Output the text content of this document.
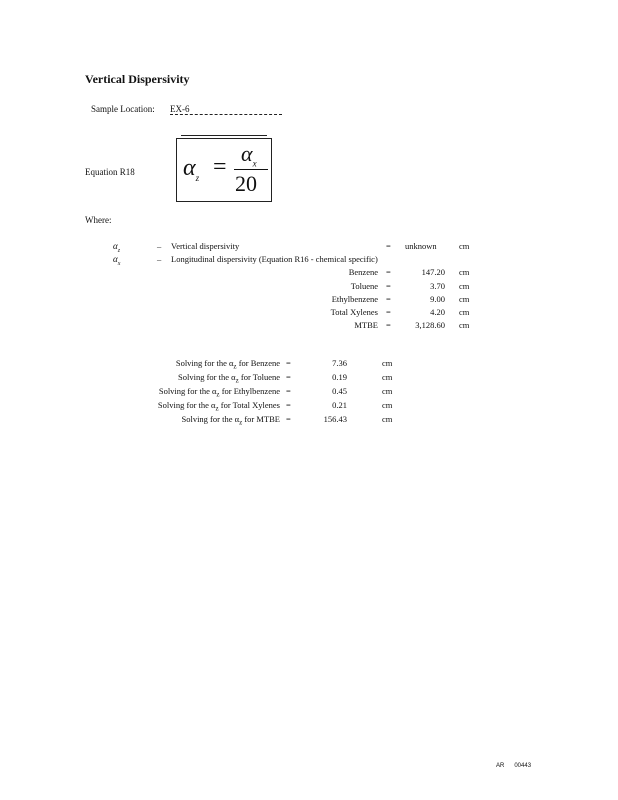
Vertical Dispersivity
Sample Location: EX-6
Equation R18 $\alpha_z$ =
$\alpha_x$
20
Where:
$\alpha_z$	– Vertical dispersivity	= unknown	cm
$\alpha_x$	– Longitudinal dispersivity (Equation R16 - chemical specific)
Benzene =	147.20 cm
Toluene =	3.70 cm
Ethylbenzene =	9.00 cm
Total Xylenes =	4.20 cm
MTBE =	3,128.60 cm
Solving for the $\alpha_z$ for Benzene =	7.36	cm
Solving for the $\alpha_z$ for Toluene =	0.19	cm
Solving for the $\alpha_z$ for Ethylbenzene =	0.45	cm
Solving for the $\alpha_z$ for Total Xylenes =	0.21	cm
Solving for the $\alpha_z$ for MTBE =	156.43	cm
AR 00443
